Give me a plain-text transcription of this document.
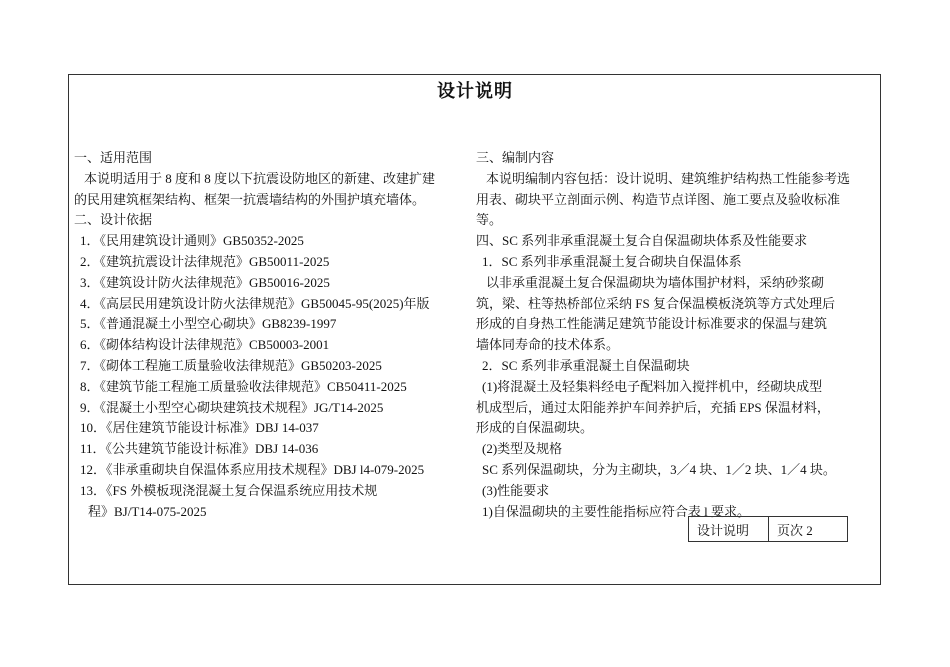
设计说明
一、适用范围
本说明适用于 8 度和 8 度以下抗震设防地区的新建、改建扩建
的民用建筑框架结构、框架一抗震墙结构的外围护填充墙体。
二、设计依据
1．《民用建筑设计通则》GB50352-2025
2．《建筑抗震设计法律规范》GB50011-2025
3．《建筑设计防火法律规范》GB50016-2025
4．《高层民用建筑设计防火法律规范》GB50045-95(2025)年版
5．《普通混凝土小型空心砌块》GB8239-1997
6．《砌体结构设计法律规范》CB50003-2001
7．《砌体工程施工质量验收法律规范》GB50203-2025
8．《建筑节能工程施工质量验收法律规范》CB50411-2025
9．《混凝土小型空心砌块建筑技术规程》JG/T14-2025
10．《居住建筑节能设计标准》DBJ 14-037
11．《公共建筑节能设计标准》DBJ 14-036
12．《非承重砌块自保温体系应用技术规程》DBJ l4-079-2025
13．《FS 外模板现浇混凝土复合保温系统应用技术规
程》BJ/T14-075-2025
三、编制内容
本说明编制内容包括：设计说明、建筑维护结构热工性能参考选
用表、砌块平立剖面示例、构造节点详图、施工要点及验收标准
等。
四、SC 系列非承重混凝土复合自保温砌块体系及性能要求
1．SC 系列非承重混凝土复合砌块自保温体系
以非承重混凝土复合保温砌块为墙体围护材料，采纳砂浆砌
筑，梁、柱等热桥部位采纳 FS 复合保温模板浇筑等方式处理后
形成的自身热工性能满足建筑节能设计标准要求的保温与建筑
墙体同寿命的技术体系。
2．SC 系列非承重混凝土自保温砌块
(1)将混凝土及轻集料经电子配料加入搅拌机中，经砌块成型
机成型后，通过太阳能养护车间养护后，充插 EPS 保温材料，
形成的自保温砌块。
(2)类型及规格
SC 系列保温砌块，分为主砌块，3／4 块、1／2 块、1／4 块。
(3)性能要求
1)自保温砌块的主要性能指标应符合表 l 要求。
设计说明	页次 2
